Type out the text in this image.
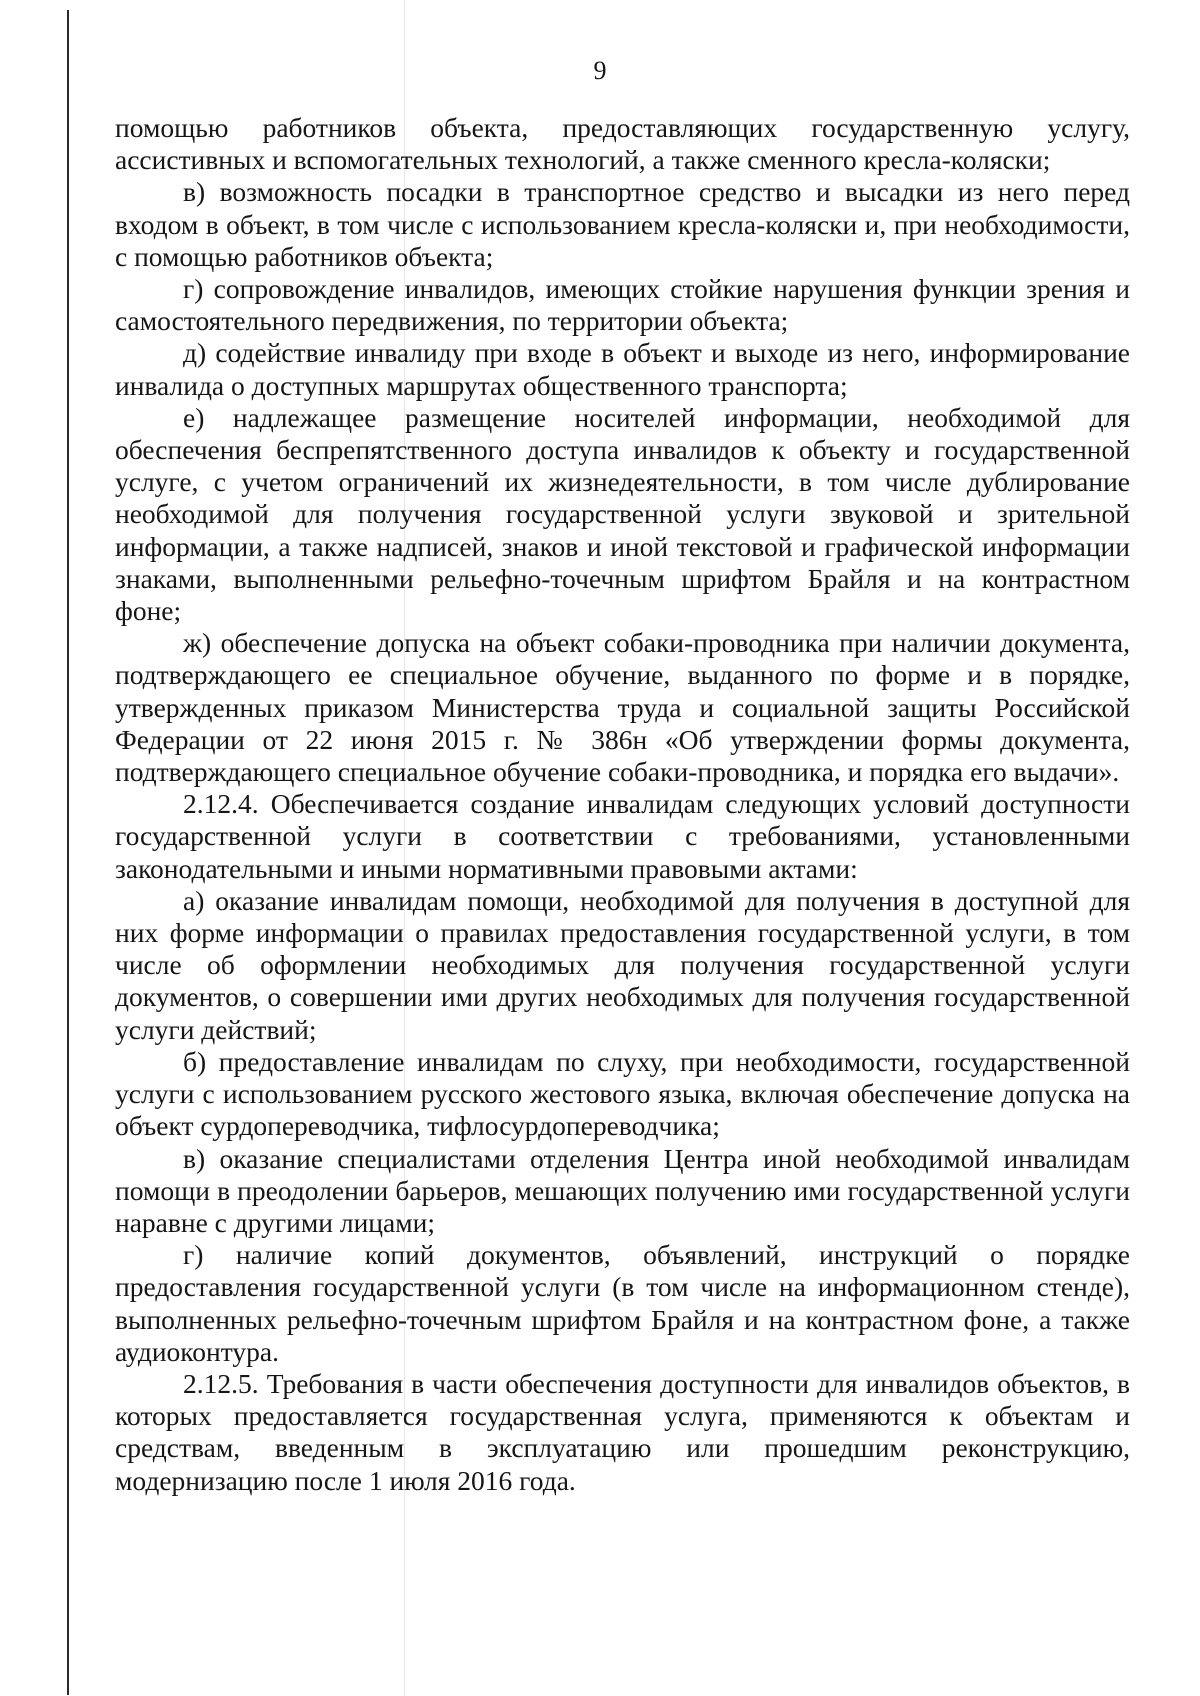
9

помощью работников объекта, предоставляющих государственную услугу, ассистивных и вспомогательных технологий, а также сменного кресла-коляски;

в) возможность посадки в транспортное средство и высадки из него перед входом в объект, в том числе с использованием кресла-коляски и, при необходимости, с помощью работников объекта;

г) сопровождение инвалидов, имеющих стойкие нарушения функции зрения и самостоятельного передвижения, по территории объекта;

д) содействие инвалиду при входе в объект и выходе из него, информирование инвалида о доступных маршрутах общественного транспорта;

е) надлежащее размещение носителей информации, необходимой для обеспечения беспрепятственного доступа инвалидов к объекту и государственной услуге, с учетом ограничений их жизнедеятельности, в том числе дублирование необходимой для получения государственной услуги звуковой и зрительной информации, а также надписей, знаков и иной текстовой и графической информации знаками, выполненными рельефно-точечным шрифтом Брайля и на контрастном фоне;

ж) обеспечение допуска на объект собаки-проводника при наличии документа, подтверждающего ее специальное обучение, выданного по форме и в порядке, утвержденных приказом Министерства труда и социальной защиты Российской Федерации от 22 июня 2015 г. № 386н «Об утверждении формы документа, подтверждающего специальное обучение собаки-проводника, и порядка его выдачи».

2.12.4. Обеспечивается создание инвалидам следующих условий доступности государственной услуги в соответствии с требованиями, установленными законодательными и иными нормативными правовыми актами:

а) оказание инвалидам помощи, необходимой для получения в доступной для них форме информации о правилах предоставления государственной услуги, в том числе об оформлении необходимых для получения государственной услуги документов, о совершении ими других необходимых для получения государственной услуги действий;

б) предоставление инвалидам по слуху, при необходимости, государственной услуги с использованием русского жестового языка, включая обеспечение допуска на объект сурдопереводчика, тифлосурдопереводчика;

в) оказание специалистами отделения Центра иной необходимой инвалидам помощи в преодолении барьеров, мешающих получению ими государственной услуги наравне с другими лицами;

г) наличие копий документов, объявлений, инструкций о порядке предоставления государственной услуги (в том числе на информационном стенде), выполненных рельефно-точечным шрифтом Брайля и на контрастном фоне, а также аудиоконтура.

2.12.5. Требования в части обеспечения доступности для инвалидов объектов, в которых предоставляется государственная услуга, применяются к объектам и средствам, введенным в эксплуатацию или прошедшим реконструкцию, модернизацию после 1 июля 2016 года.
